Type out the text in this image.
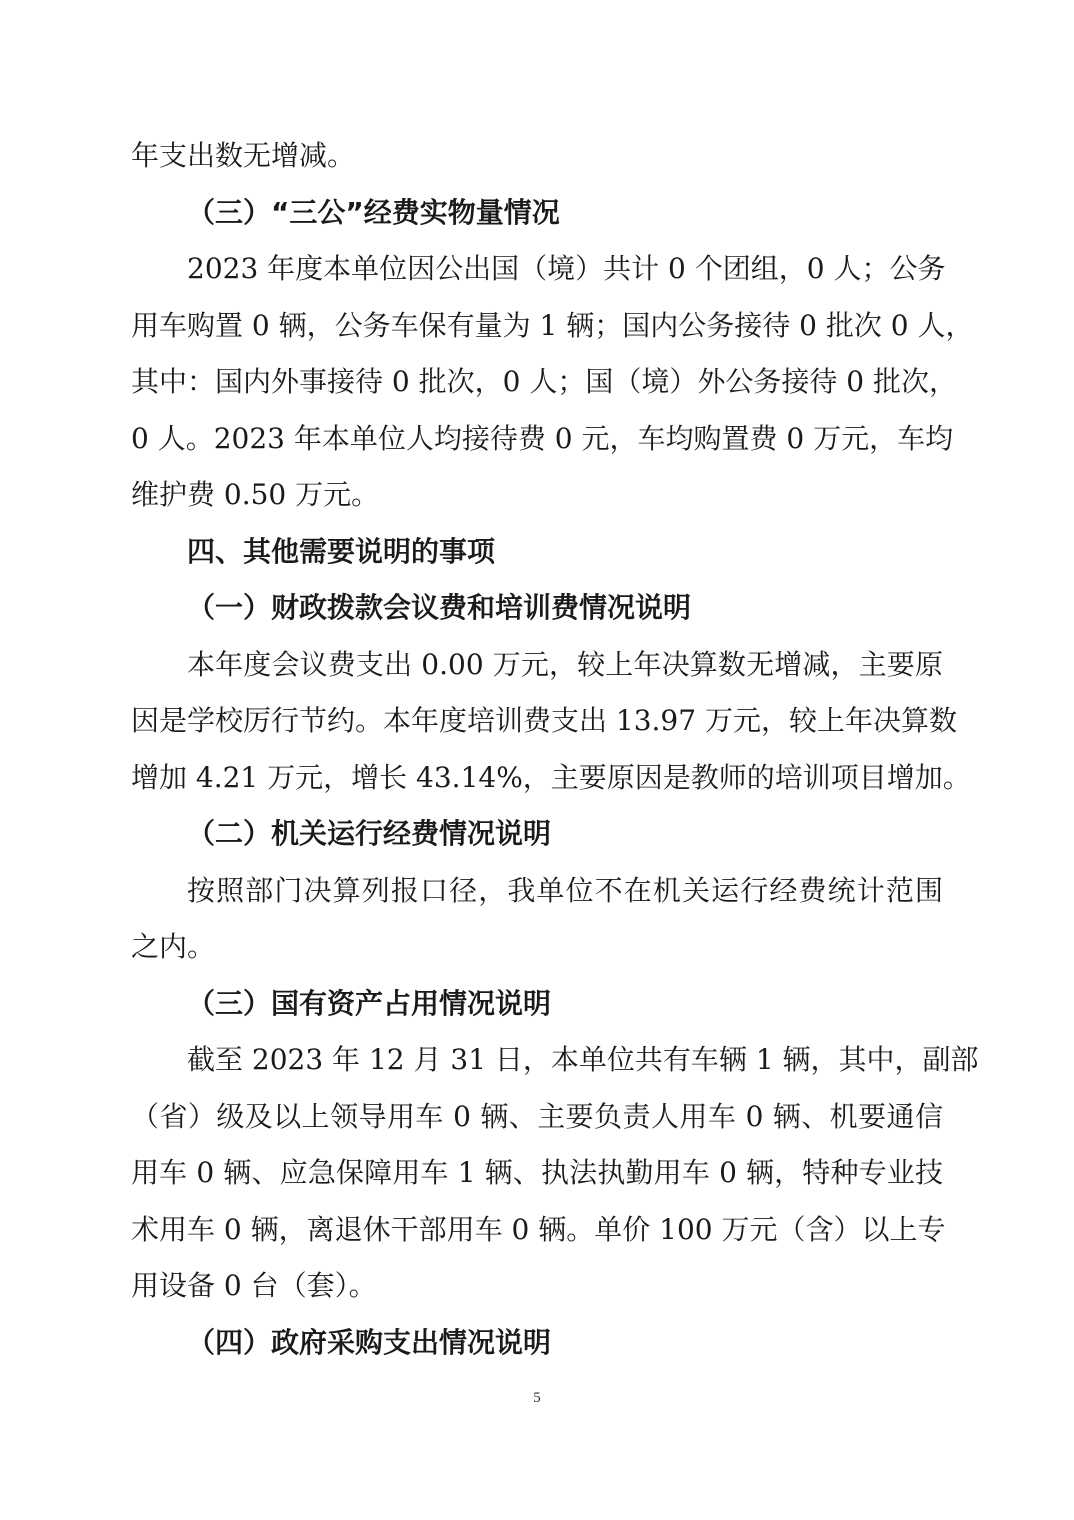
年支出数无增减。
（三）“三公”经费实物量情况
2023 年度本单位因公出国（境）共计 0 个团组，0 人；公务
用车购置 0 辆，公务车保有量为 1 辆；国内公务接待 0 批次 0 人，
其中：国内外事接待 0 批次，0 人；国（境）外公务接待 0 批次，
0 人。2023 年本单位人均接待费 0 元，车均购置费 0 万元，车均
维护费 0.50 万元。
四、其他需要说明的事项
（一）财政拨款会议费和培训费情况说明
本年度会议费支出 0.00 万元，较上年决算数无增减，主要原
因是学校厉行节约。本年度培训费支出 13.97 万元，较上年决算数
增加 4.21 万元，增长 43.14%，主要原因是教师的培训项目增加。
（二）机关运行经费情况说明
按照部门决算列报口径，我单位不在机关运行经费统计范围
之内。
（三）国有资产占用情况说明
截至 2023 年 12 月 31 日，本单位共有车辆 1 辆，其中，副部
（省）级及以上领导用车 0 辆、主要负责人用车 0 辆、机要通信
用车 0 辆、应急保障用车 1 辆、执法执勤用车 0 辆，特种专业技
术用车 0 辆，离退休干部用车 0 辆。单价 100 万元（含）以上专
用设备 0 台（套）。
（四）政府采购支出情况说明
5
